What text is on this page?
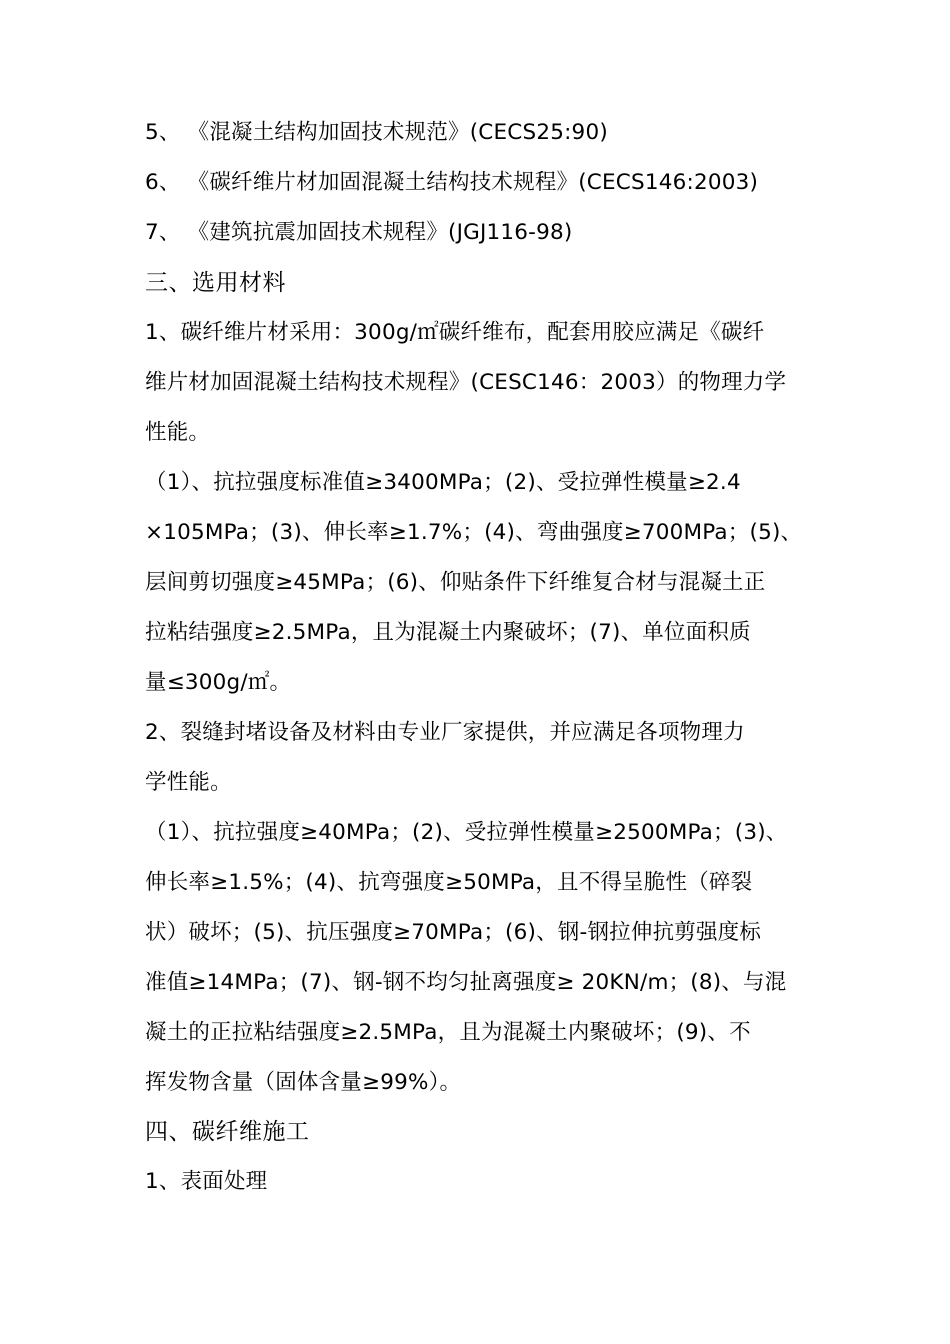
5、 《混凝土结构加固技术规范》(CECS25:90)
6、 《碳纤维片材加固混凝土结构技术规程》(CECS146:2003)
7、 《建筑抗震加固技术规程》(JGJ116-98)
三、选用材料
1、碳纤维片材采用：300g/㎡碳纤维布，配套用胶应满足《碳纤
维片材加固混凝土结构技术规程》(CESC146：2003）的物理力学
性能。
（1）、抗拉强度标准值≥3400MPa；(2)、受拉弹性模量≥2.4
×105MPa；(3)、伸长率≥1.7%；(4)、弯曲强度≥700MPa；(5)、
层间剪切强度≥45MPa；(6)、仰贴条件下纤维复合材与混凝土正
拉粘结强度≥2.5MPa，且为混凝土内聚破坏；(7)、单位面积质
量≤300g/㎡。
2、裂缝封堵设备及材料由专业厂家提供，并应满足各项物理力
学性能。
（1）、抗拉强度≥40MPa；(2)、受拉弹性模量≥2500MPa；(3)、
伸长率≥1.5%；(4)、抗弯强度≥50MPa，且不得呈脆性（碎裂
状）破坏；(5)、抗压强度≥70MPa；(6)、钢-钢拉伸抗剪强度标
准值≥14MPa；(7)、钢-钢不均匀扯离强度≥ 20KN/m；(8)、与混
凝土的正拉粘结强度≥2.5MPa，且为混凝土内聚破坏；(9)、不
挥发物含量（固体含量≥99%）。
四、碳纤维施工
1、表面处理
